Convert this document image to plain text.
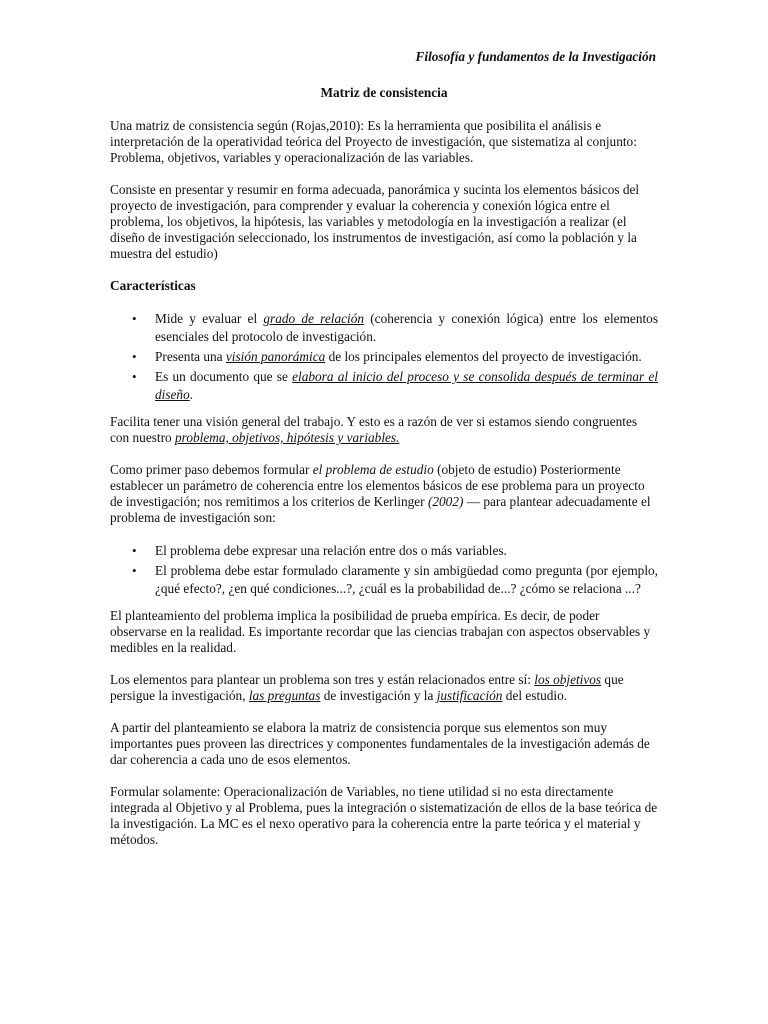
Filosofía y fundamentos de la Investigación
Matriz de consistencia

Una matriz de consistencia según (Rojas,2010): Es la herramienta que posibilita el análisis e interpretación de la operatividad teórica del Proyecto de investigación, que sistematiza al conjunto: Problema, objetivos, variables y operacionalización de las variables.

Consiste en presentar y resumir en forma adecuada, panorámica y sucinta los elementos básicos del proyecto de investigación, para comprender y evaluar la coherencia y conexión lógica entre el problema, los objetivos, la hipótesis, las variables y metodología en la investigación a realizar (el diseño de investigación seleccionado, los instrumentos de investigación, así como la población y la muestra del estudio)

Características

• Mide y evaluar el grado de relación (coherencia y conexión lógica) entre los elementos esenciales del protocolo de investigación.
• Presenta una visión panorámica de los principales elementos del proyecto de investigación.
• Es un documento que se elabora al inicio del proceso y se consolida después de terminar el diseño.

Facilita tener una visión general del trabajo. Y esto es a razón de ver si estamos siendo congruentes con nuestro problema, objetivos, hipótesis y variables.

Como primer paso debemos formular el problema de estudio (objeto de estudio) Posteriormente establecer un parámetro de coherencia entre los elementos básicos de ese problema para un proyecto de investigación; nos remitimos a los criterios de Kerlinger (2002) — para plantear adecuadamente el problema de investigación son:

• El problema debe expresar una relación entre dos o más variables.
• El problema debe estar formulado claramente y sin ambigüedad como pregunta (por ejemplo, ¿qué efecto?, ¿en qué condiciones...?, ¿cuál es la probabilidad de...? ¿cómo se relaciona ...?

El planteamiento del problema implica la posibilidad de prueba empírica. Es decir, de poder observarse en la realidad. Es importante recordar que las ciencias trabajan con aspectos observables y medibles en la realidad.

Los elementos para plantear un problema son tres y están relacionados entre sí: los objetivos que persigue la investigación, las preguntas de investigación y la justificación del estudio.

A partir del planteamiento se elabora la matriz de consistencia porque sus elementos son muy importantes pues proveen las directrices y componentes fundamentales de la investigación además de dar coherencia a cada uno de esos elementos.

Formular solamente: Operacionalización de Variables, no tiene utilidad si no esta directamente integrada al Objetivo y al Problema, pues la integración o sistematización de ellos de la base teórica de la investigación. La MC es el nexo operativo para la coherencia entre la parte teórica y el material y métodos.
